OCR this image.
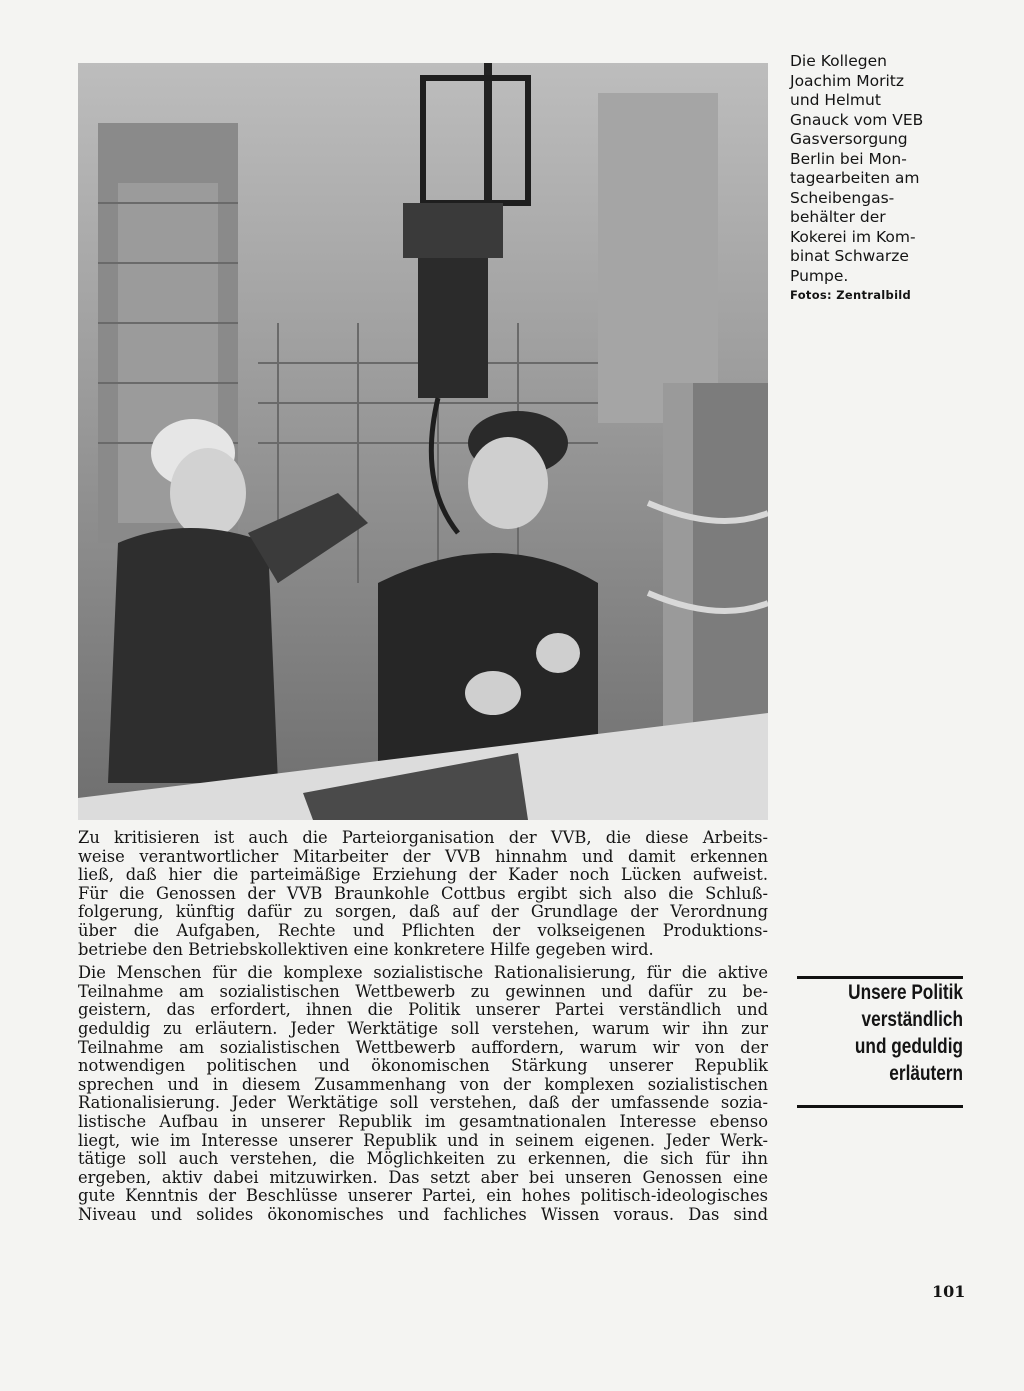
Die Kollegen
Joachim Moritz
und Helmut
Gnauck vom VEB
Gasversorgung
Berlin bei Mon-
tagearbeiten am
Scheibengas-
behälter der
Kokerei im Kom-
binat Schwarze
Pumpe.
Fotos: Zentralbild
Zu kritisieren ist auch die Parteiorganisation der VVB, die diese Arbeits-
weise verantwortlicher Mitarbeiter der VVB hinnahm und damit erkennen
ließ, daß hier die parteimäßige Erziehung der Kader noch Lücken aufweist.
Für die Genossen der VVB Braunkohle Cottbus ergibt sich also die Schluß-
folgerung, künftig dafür zu sorgen, daß auf der Grundlage der Verordnung
über die Aufgaben, Rechte und Pflichten der volkseigenen Produktions-
betriebe den Betriebskollektiven eine konkretere Hilfe gegeben wird.
Die Menschen für die komplexe sozialistische Rationalisierung, für die aktive
Teilnahme am sozialistischen Wettbewerb zu gewinnen und dafür zu be-
geistern, das erfordert, ihnen die Politik unserer Partei verständlich und
geduldig zu erläutern. Jeder Werktätige soll verstehen, warum wir ihn zur
Teilnahme am sozialistischen Wettbewerb auffordern, warum wir von der
notwendigen politischen und ökonomischen Stärkung unserer Republik
sprechen und in diesem Zusammenhang von der komplexen sozialistischen
Rationalisierung. Jeder Werktätige soll verstehen, daß der umfassende sozia-
listische Aufbau in unserer Republik im gesamtnationalen Interesse ebenso
liegt, wie im Interesse unserer Republik und in seinem eigenen. Jeder Werk-
tätige soll auch verstehen, die Möglichkeiten zu erkennen, die sich für ihn
ergeben, aktiv dabei mitzuwirken. Das setzt aber bei unseren Genossen eine
gute Kenntnis der Beschlüsse unserer Partei, ein hohes politisch-ideologisches
Niveau und solides ökonomisches und fachliches Wissen voraus. Das sind
Unsere Politik
verständlich
und geduldig
erläutern
101
